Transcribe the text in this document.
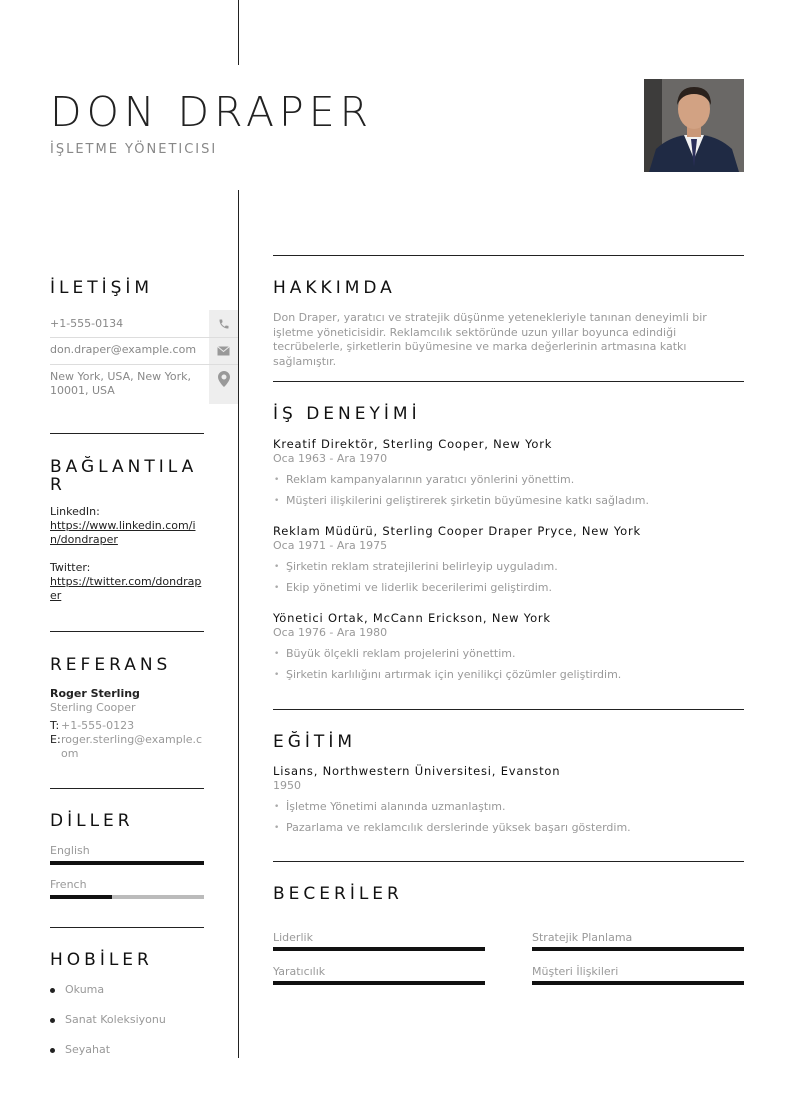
DON DRAPER
İŞLETME YÖNETICISI
İLETİŞİM
+1-555-0134
don.draper@example.com
New York, USA, New York, 10001, USA
BAĞLANTILAR
LinkedIn:
https://www.linkedin.com/in/dondraper
Twitter:
https://twitter.com/dondraper
REFERANS
Roger Sterling
Sterling Cooper
T: +1-555-0123
E: roger.sterling@example.com
DİLLER
English
French
HOBİLER
Okuma
Sanat Koleksiyonu
Seyahat
HAKKIMDA
Don Draper, yaratıcı ve stratejik düşünme yetenekleriyle tanınan deneyimli bir işletme yöneticisidir. Reklamcılık sektöründe uzun yıllar boyunca edindiği tecrübelerle, şirketlerin büyümesine ve marka değerlerinin artmasına katkı sağlamıştır.
İŞ DENEYİMİ
Kreatif Direktör, Sterling Cooper, New York
Oca 1963 - Ara 1970
• Reklam kampanyalarının yaratıcı yönlerini yönettim.
• Müşteri ilişkilerini geliştirerek şirketin büyümesine katkı sağladım.
Reklam Müdürü, Sterling Cooper Draper Pryce, New York
Oca 1971 - Ara 1975
• Şirketin reklam stratejilerini belirleyip uyguladım.
• Ekip yönetimi ve liderlik becerilerimi geliştirdim.
Yönetici Ortak, McCann Erickson, New York
Oca 1976 - Ara 1980
• Büyük ölçekli reklam projelerini yönettim.
• Şirketin karlılığını artırmak için yenilikçi çözümler geliştirdim.
EĞİTİM
Lisans, Northwestern Üniversitesi, Evanston
1950
• İşletme Yönetimi alanında uzmanlaştım.
• Pazarlama ve reklamcılık derslerinde yüksek başarı gösterdim.
BECERİLER
Liderlik	Stratejik Planlama
Yaratıcılık	Müşteri İlişkileri
